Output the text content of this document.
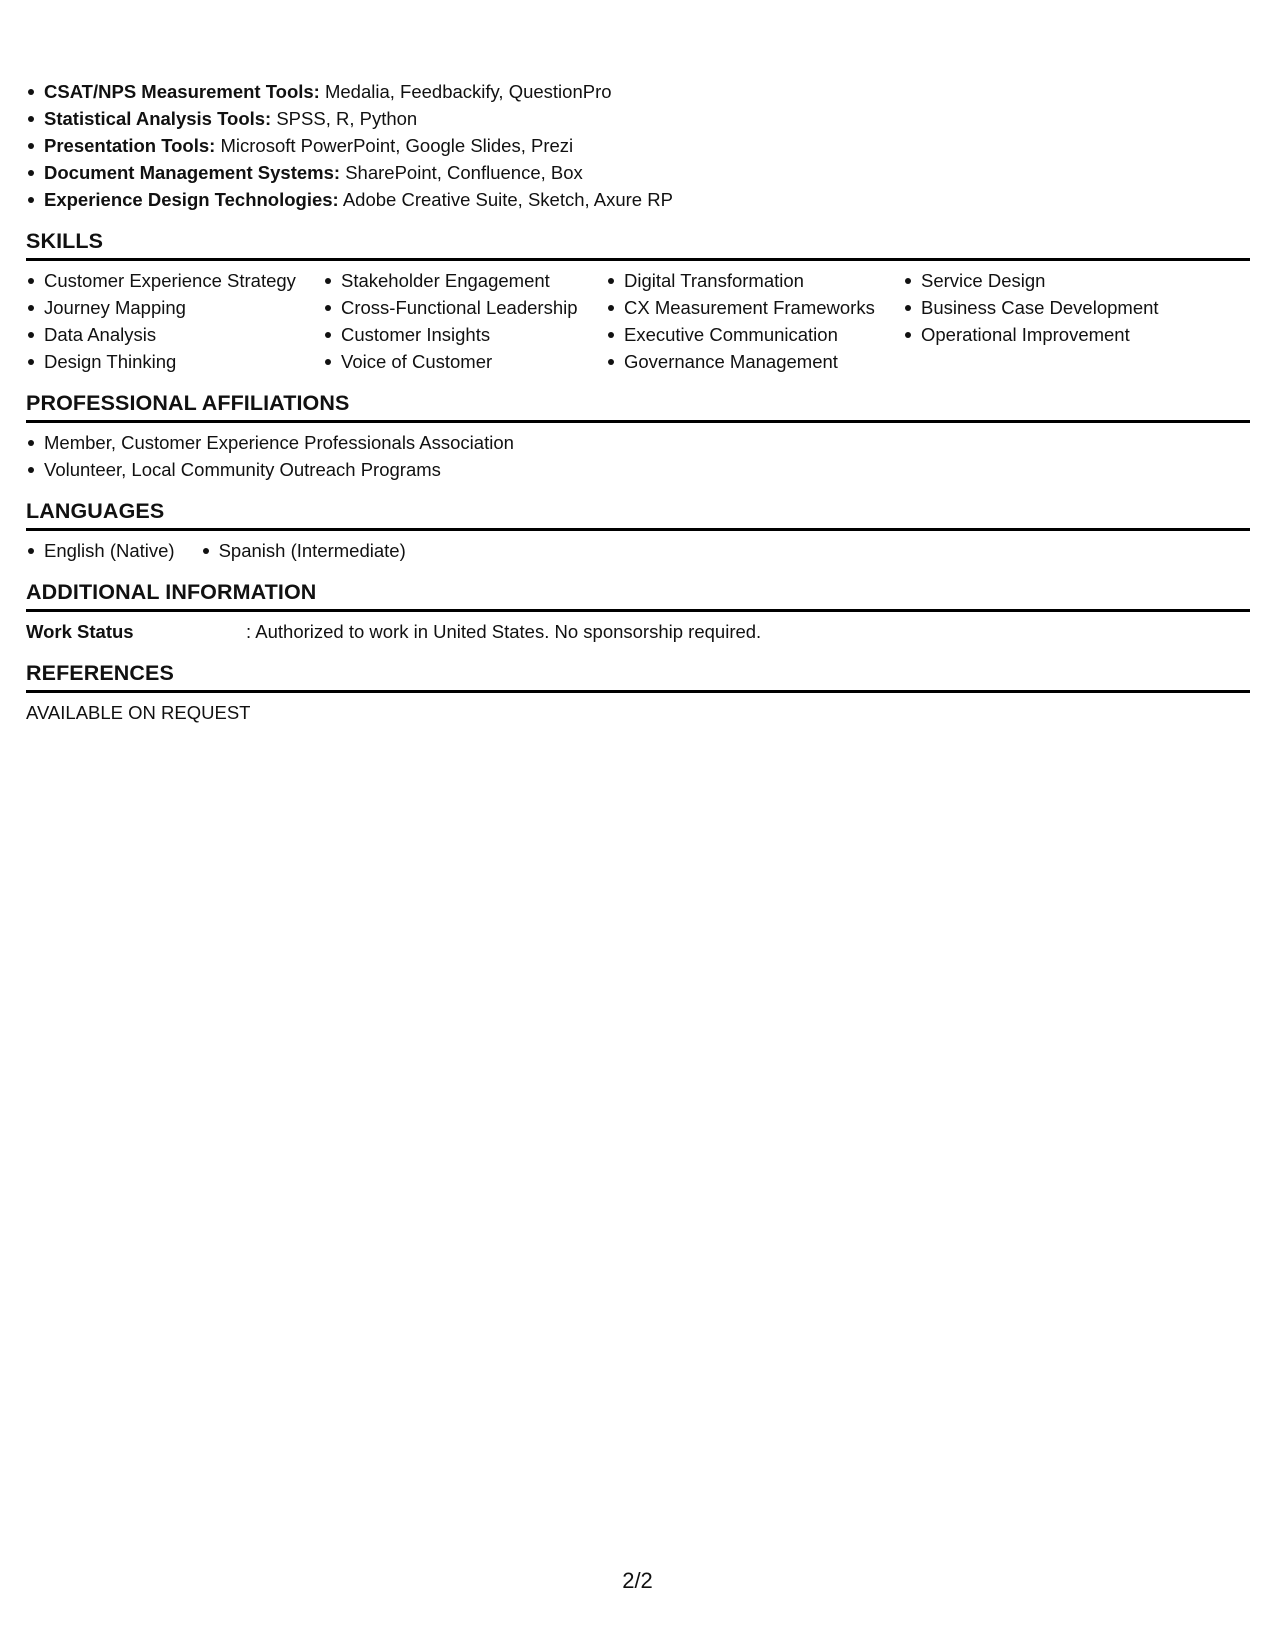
CSAT/NPS Measurement Tools: Medalia, Feedbackify, QuestionPro
Statistical Analysis Tools: SPSS, R, Python
Presentation Tools: Microsoft PowerPoint, Google Slides, Prezi
Document Management Systems: SharePoint, Confluence, Box
Experience Design Technologies: Adobe Creative Suite, Sketch, Axure RP
SKILLS
Customer Experience Strategy
Journey Mapping
Data Analysis
Design Thinking
Stakeholder Engagement
Cross-Functional Leadership
Customer Insights
Voice of Customer
Digital Transformation
CX Measurement Frameworks
Executive Communication
Governance Management
Service Design
Business Case Development
Operational Improvement
PROFESSIONAL AFFILIATIONS
Member, Customer Experience Professionals Association
Volunteer, Local Community Outreach Programs
LANGUAGES
English (Native)	Spanish (Intermediate)
ADDITIONAL INFORMATION
Work Status	: Authorized to work in United States. No sponsorship required.
REFERENCES
AVAILABLE ON REQUEST
2/2
